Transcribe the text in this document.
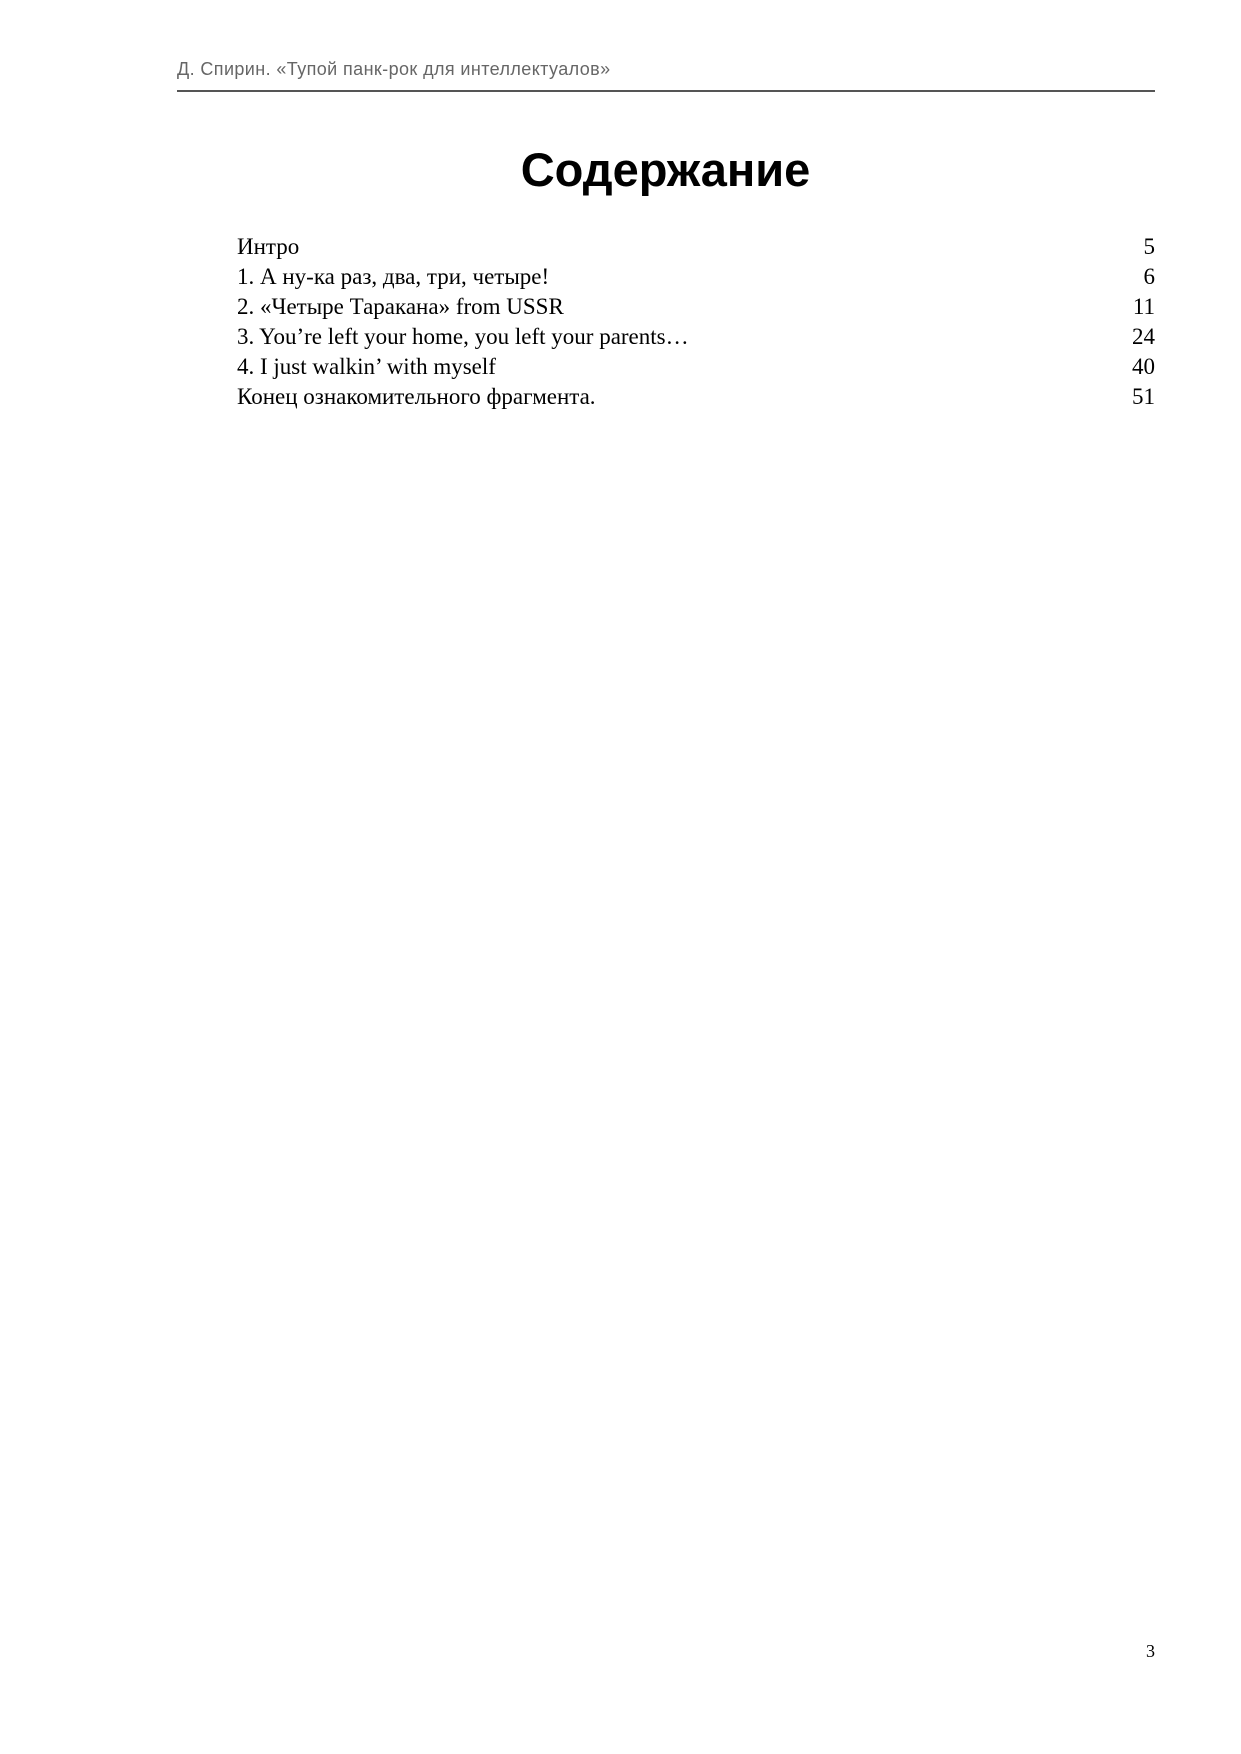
Д. Спирин. «Тупой панк-рок для интеллектуалов»
Содержание
Интро	5
1. А ну-ка раз, два, три, четыре!	6
2. «Четыре Таракана» from USSR	11
3. You’re left your home, you left your parents…	24
4. I just walkin’ with myself	40
Конец ознакомительного фрагмента.	51
3
